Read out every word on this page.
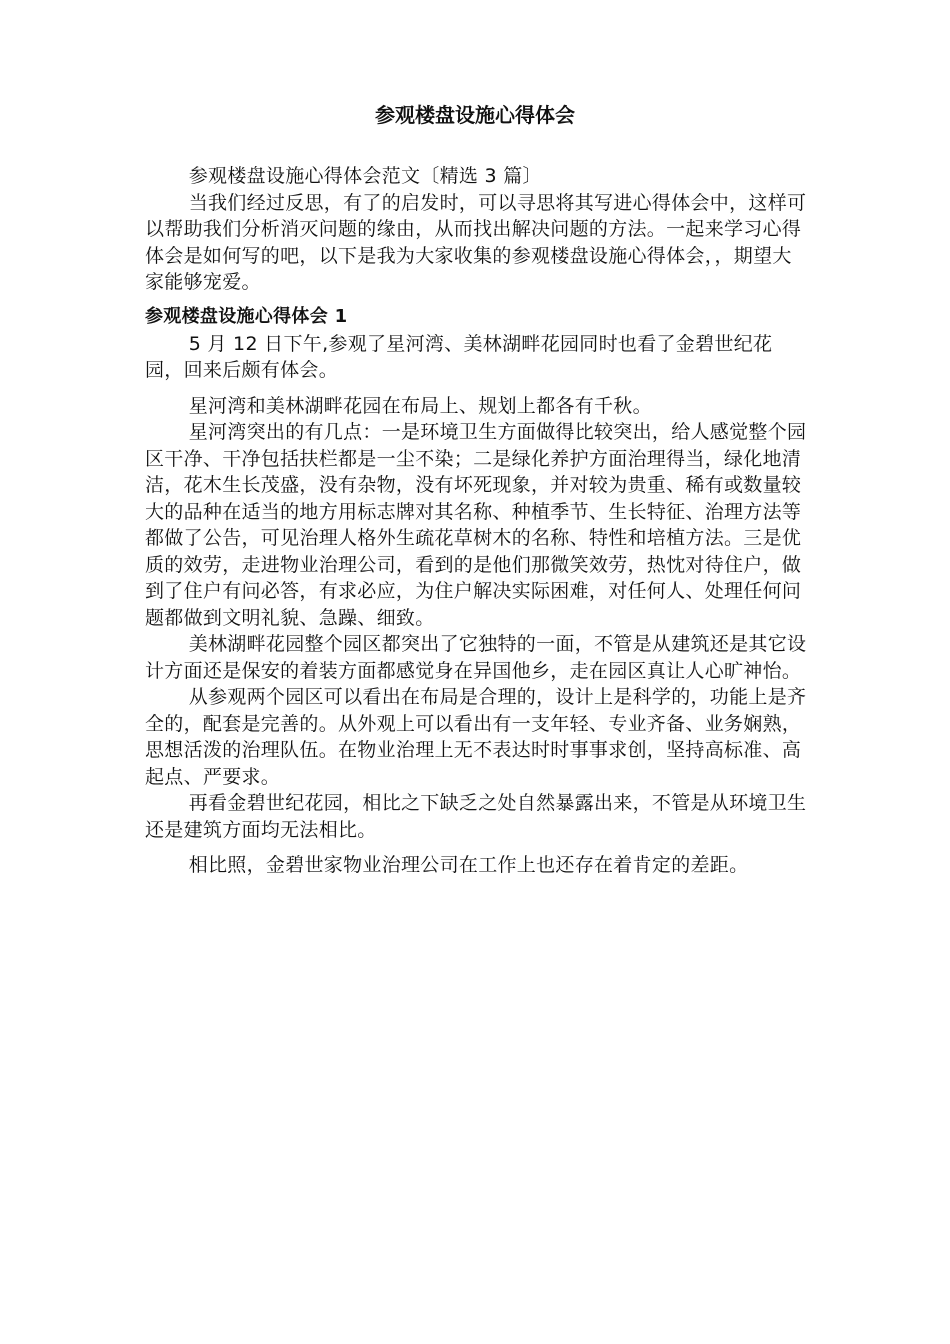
参观楼盘设施心得体会

参观楼盘设施心得体会范文〔精选 3 篇〕

当我们经过反思，有了的启发时，可以寻思将其写进心得体会中，这样可以帮助我们分析消灭问题的缘由，从而找出解决问题的方法。一起来学习心得体会是如何写的吧，以下是我为大家收集的参观楼盘设施心得体会，，期望大家能够宠爱。

参观楼盘设施心得体会 1

5 月 12 日下午,参观了星河湾、美林湖畔花园同时也看了金碧世纪花园，回来后颇有体会。

星河湾和美林湖畔花园在布局上、规划上都各有千秋。

星河湾突出的有几点：一是环境卫生方面做得比较突出，给人感觉整个园区干净、干净包括扶栏都是一尘不染；二是绿化养护方面治理得当，绿化地清洁，花木生长茂盛，没有杂物，没有坏死现象，并对较为贵重、稀有或数量较大的品种在适当的地方用标志牌对其名称、种植季节、生长特征、治理方法等都做了公告，可见治理人格外生疏花草树木的名称、特性和培植方法。三是优质的效劳，走进物业治理公司，看到的是他们那微笑效劳，热忱对待住户，做到了住户有问必答，有求必应，为住户解决实际困难，对任何人、处理任何问题都做到文明礼貌、急躁、细致。

美林湖畔花园整个园区都突出了它独特的一面，不管是从建筑还是其它设计方面还是保安的着装方面都感觉身在异国他乡，走在园区真让人心旷神怡。

从参观两个园区可以看出在布局是合理的，设计上是科学的，功能上是齐全的，配套是完善的。从外观上可以看出有一支年轻、专业齐备、业务娴熟，思想活泼的治理队伍。在物业治理上无不表达时时事事求创，坚持高标准、高起点、严要求。

再看金碧世纪花园，相比之下缺乏之处自然暴露出来，不管是从环境卫生还是建筑方面均无法相比。

相比照，金碧世家物业治理公司在工作上也还存在着肯定的差距。
